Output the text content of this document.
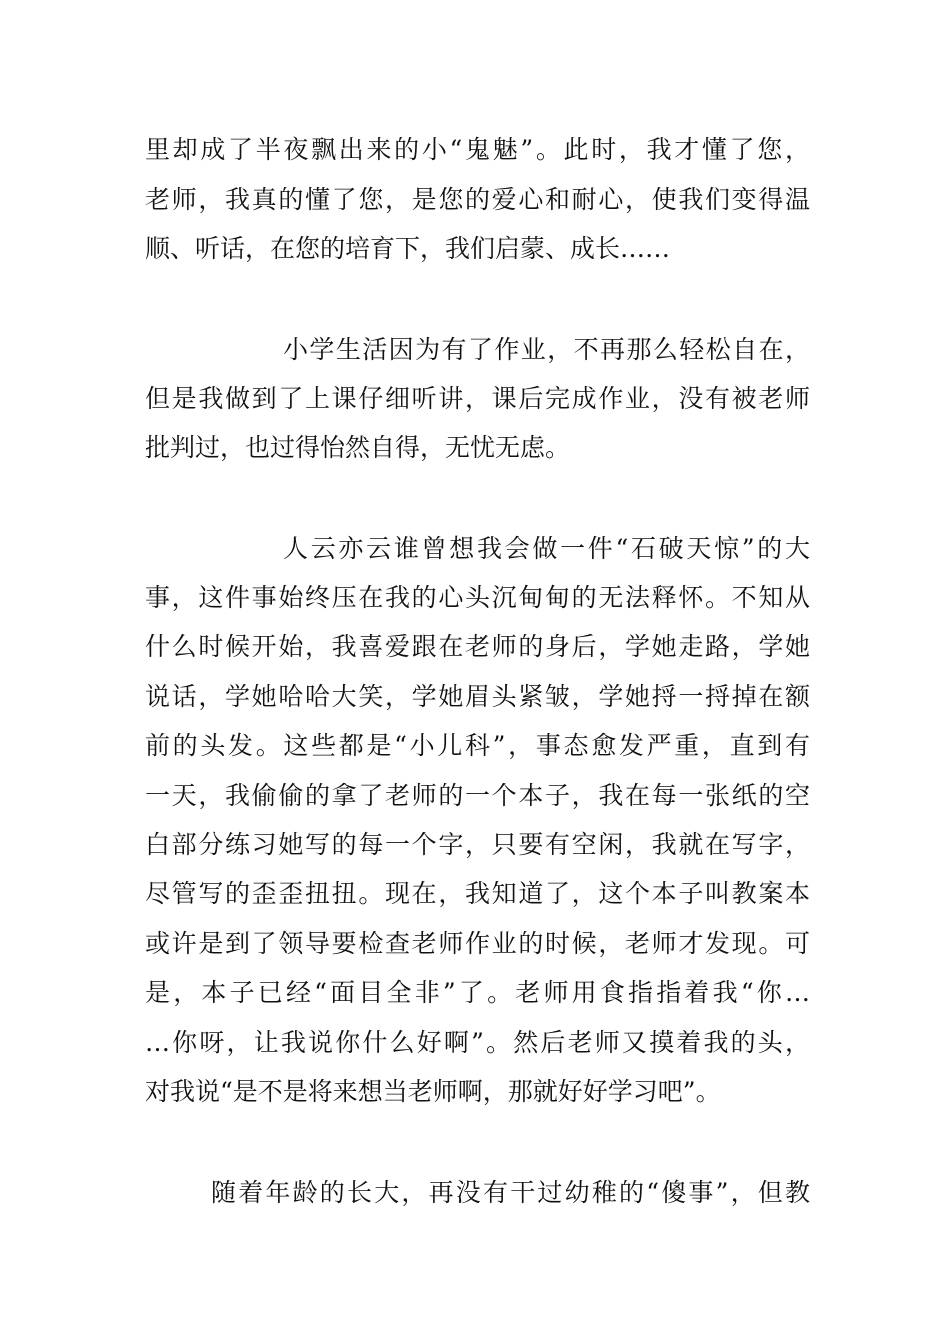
里却成了半夜飘出来的小“鬼魅”。此时，我才懂了您，
老师，我真的懂了您，是您的爱心和耐心，使我们变得温
顺、听话，在您的培育下，我们启蒙、成长……
小学生活因为有了作业，不再那么轻松自在，
但是我做到了上课仔细听讲，课后完成作业，没有被老师
批判过，也过得怡然自得，无忧无虑。
人云亦云谁曾想我会做一件“石破天惊”的大
事，这件事始终压在我的心头沉甸甸的无法释怀。不知从
什么时候开始，我喜爱跟在老师的身后，学她走路，学她
说话，学她哈哈大笑，学她眉头紧皱，学她捋一捋掉在额
前的头发。这些都是“小儿科”，事态愈发严重，直到有
一天，我偷偷的拿了老师的一个本子，我在每一张纸的空
白部分练习她写的每一个字，只要有空闲，我就在写字，
尽管写的歪歪扭扭。现在，我知道了，这个本子叫教案本
或许是到了领导要检查老师作业的时候，老师才发现。可
是，本子已经“面目全非”了。老师用食指指着我“你…
…你呀，让我说你什么好啊”。然后老师又摸着我的头，
对我说“是不是将来想当老师啊，那就好好学习吧”。
随着年龄的长大，再没有干过幼稚的“傻事”，但教
